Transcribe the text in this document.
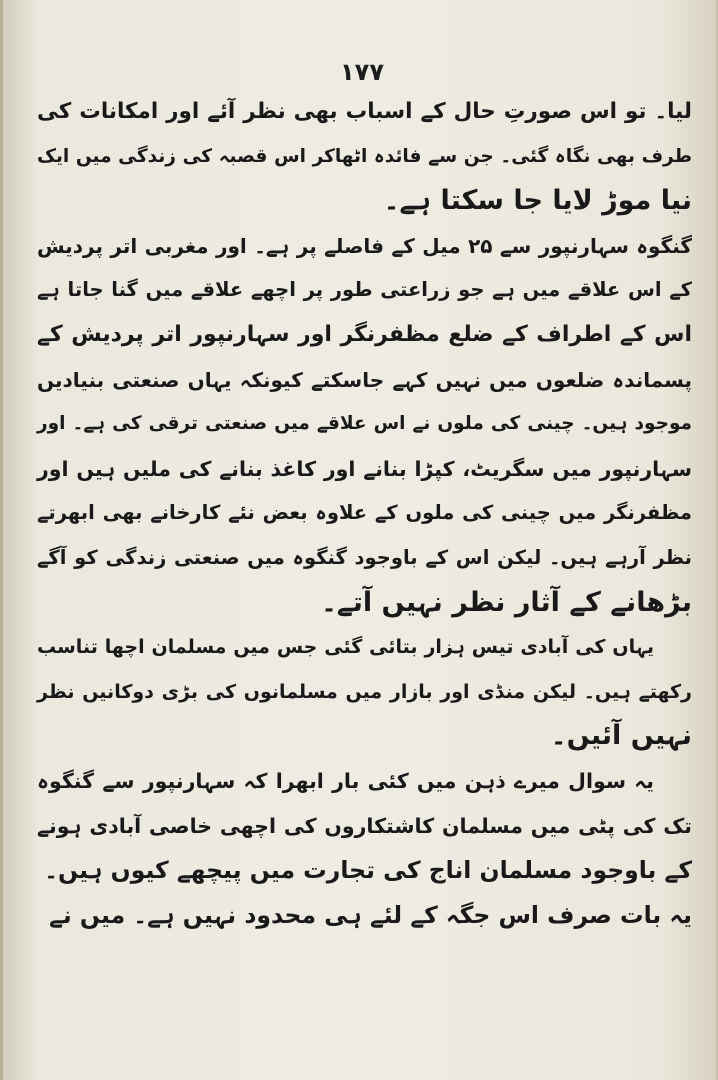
۱۷۷
لیا۔ تو اس صورتِ حال کے اسباب بھی نظر آئے اور امکانات کی
طرف بھی نگاہ گئی۔ جن سے فائدہ اٹھاکر اس قصبہ کی زندگی میں ایک
نیا موڑ لایا جا سکتا ہے۔
گنگوہ سہارنپور سے ۲۵ میل کے فاصلے پر ہے۔ اور مغربی اتر پردیش
کے اس علاقے میں ہے جو زراعتی طور پر اچھے علاقے میں گنا جاتا ہے
اس کے اطراف کے ضلع مظفرنگر اور سہارنپور اتر پردیش کے
پسماندہ ضلعوں میں نہیں کہے جاسکتے کیونکہ یہاں صنعتی بنیادیں
موجود ہیں۔ چینی کی ملوں نے اس علاقے میں صنعتی ترقی کی ہے۔ اور
سہارنپور میں سگریٹ، کپڑا بنانے اور کاغذ بنانے کی ملیں ہیں اور
مظفرنگر میں چینی کی ملوں کے علاوہ بعض نئے کارخانے بھی ابھرتے
نظر آرہے ہیں۔ لیکن اس کے باوجود گنگوہ میں صنعتی زندگی کو آگے
بڑھانے کے آثار نظر نہیں آتے۔
یہاں کی آبادی تیس ہزار بتائی گئی جس میں مسلمان اچھا تناسب
رکھتے ہیں۔ لیکن منڈی اور بازار میں مسلمانوں کی بڑی دوکانیں نظر
نہیں آئیں۔
یہ سوال میرے ذہن میں کئی بار ابھرا کہ سہارنپور سے گنگوہ
تک کی پٹی میں مسلمان کاشتکاروں کی اچھی خاصی آبادی ہونے
کے باوجود مسلمان اناج کی تجارت میں پیچھے کیوں ہیں۔
یہ بات صرف اس جگہ کے لئے ہی محدود نہیں ہے۔ میں نے
